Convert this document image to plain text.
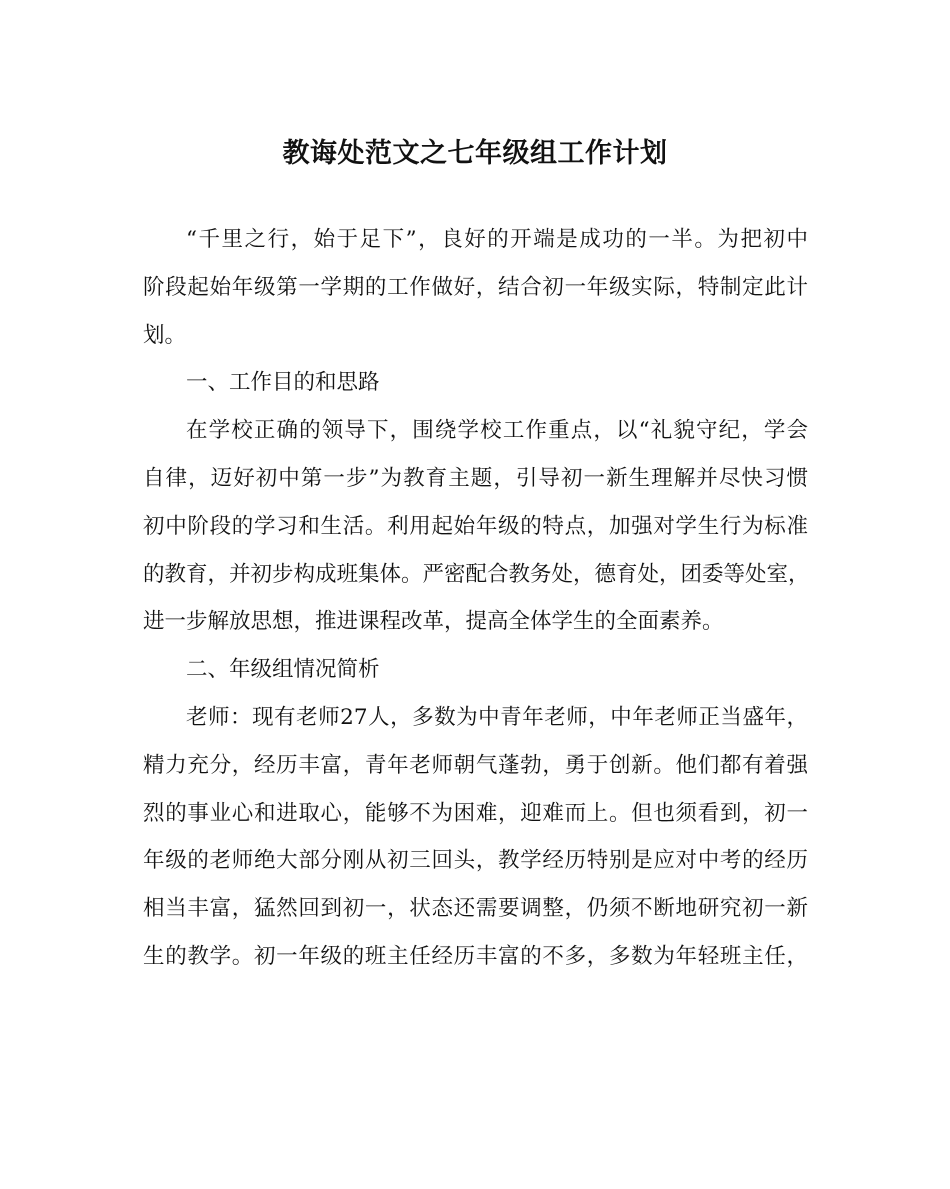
教诲处范文之七年级组工作计划
“千里之行，始于足下”，良好的开端是成功的一半。为把初中
阶段起始年级第一学期的工作做好，结合初一年级实际，特制定此计
划。
一、工作目的和思路
在学校正确的领导下，围绕学校工作重点，以“礼貌守纪，学会
自律，迈好初中第一步”为教育主题，引导初一新生理解并尽快习惯
初中阶段的学习和生活。利用起始年级的特点，加强对学生行为标准
的教育，并初步构成班集体。严密配合教务处，德育处，团委等处室，
进一步解放思想，推进课程改革，提高全体学生的全面素养。
二、年级组情况简析
老师：现有老师27人，多数为中青年老师，中年老师正当盛年，
精力充分，经历丰富，青年老师朝气蓬勃，勇于创新。他们都有着强
烈的事业心和进取心，能够不为困难，迎难而上。但也须看到，初一
年级的老师绝大部分刚从初三回头，教学经历特别是应对中考的经历
相当丰富，猛然回到初一，状态还需要调整，仍须不断地研究初一新
生的教学。初一年级的班主任经历丰富的不多，多数为年轻班主任，
